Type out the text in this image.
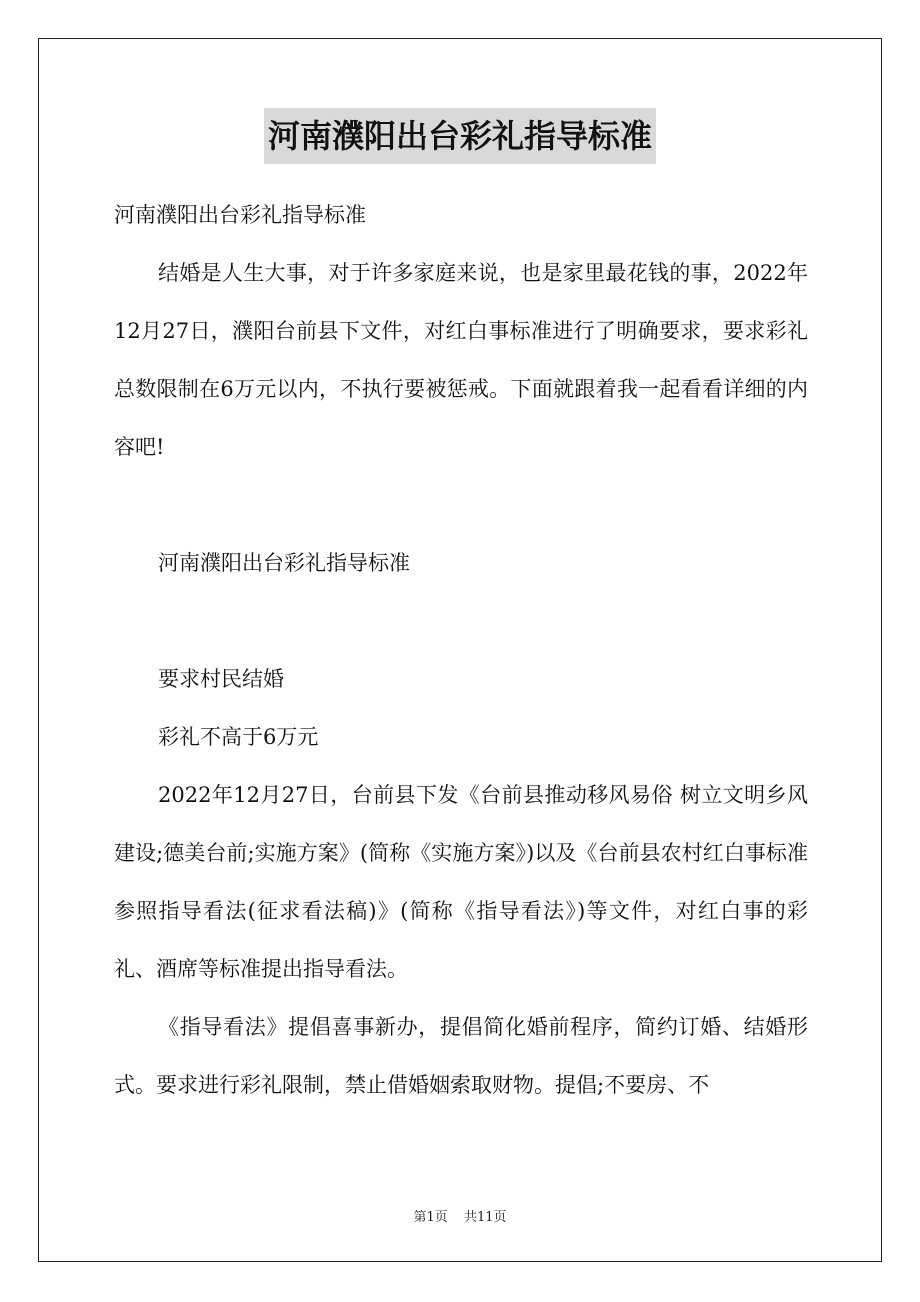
河南濮阳出台彩礼指导标准

河南濮阳出台彩礼指导标准

结婚是人生大事，对于许多家庭来说，也是家里最花钱的事，2022年12月27日，濮阳台前县下文件，对红白事标准进行了明确要求，要求彩礼总数限制在6万元以内，不执行要被惩戒。下面就跟着我一起看看详细的内容吧!

河南濮阳出台彩礼指导标准

要求村民结婚

彩礼不高于6万元

2022年12月27日，台前县下发《台前县推动移风易俗 树立文明乡风 建设;德美台前;实施方案》(简称《实施方案》)以及《台前县农村红白事标准参照指导看法(征求看法稿)》(简称《指导看法》)等文件，对红白事的彩礼、酒席等标准提出指导看法。

《指导看法》提倡喜事新办，提倡简化婚前程序，简约订婚、结婚形式。要求进行彩礼限制，禁止借婚姻索取财物。提倡;不要房、不

第1页 共11页
